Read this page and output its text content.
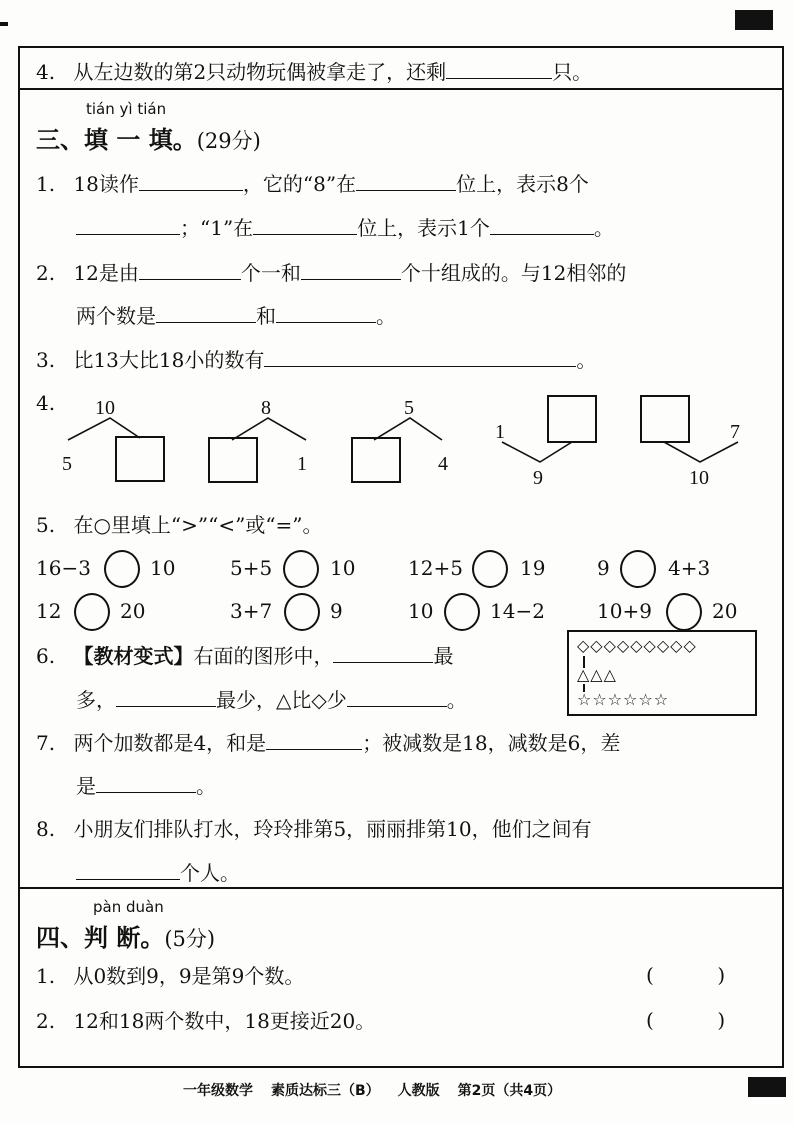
4. 从左边数的第2只动物玩偶被拿走了，还剩	只。
tián yì tián
三、填 一 填。(29分)
1. 18读作	，它的“8”在	位上，表示8个
；“1”在	位上，表示1个	。
2. 12是由	个一和	个十组成的。与12相邻的
两个数是	和	。
3. 比13大比18小的数有	。
4. 10
5
8
1
5
4
1
9
7
10
5. 在○里填上“>”“<”或“=”。
16−3	10	5+5	10	12+5	19	9	4+3
12	20	3+7	9	10	14−2	10+9	20
6. 【教材变式】右面的图形中，	最
多，	最少，△比◇少	。
◇◇◇◇◇◇◇◇◇
△△△
☆☆☆☆☆☆
7. 两个加数都是4，和是	；被减数是18，减数是6，差
是	。
8. 小朋友们排队打水，玲玲排第5，丽丽排第10，他们之间有
个人。
pàn duàn
四、判 断。(5分)
1. 从0数到9，9是第9个数。	(          )
2. 12和18两个数中，18更接近20。	(          )
一年级数学 素质达标三（B） 人教版 第2页（共4页）
